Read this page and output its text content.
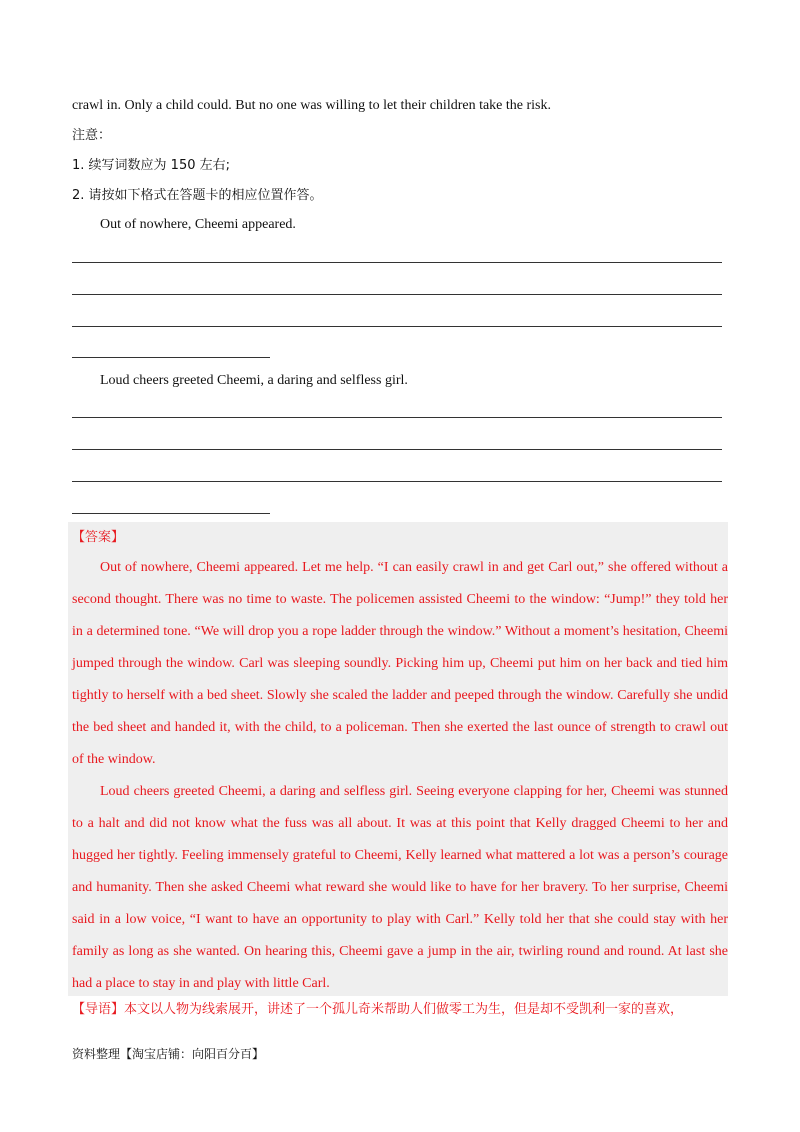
crawl in. Only a child could. But no one was willing to let their children take the risk.
注意：
1. 续写词数应为 150 左右;
2. 请按如下格式在答题卡的相应位置作答。
Out of nowhere, Cheemi appeared.
Loud cheers greeted Cheemi, a daring and selfless girl.
【答案】

Out of nowhere, Cheemi appeared. Let me help. “I can easily crawl in and get Carl out,” she offered without a second thought. There was no time to waste. The policemen assisted Cheemi to the window: “Jump!” they told her in a determined tone. “We will drop you a rope ladder through the window.” Without a moment’s hesitation, Cheemi jumped through the window. Carl was sleeping soundly. Picking him up, Cheemi put him on her back and tied him tightly to herself with a bed sheet. Slowly she scaled the ladder and peeped through the window. Carefully she undid the bed sheet and handed it, with the child, to a policeman. Then she exerted the last ounce of strength to crawl out of the window.

Loud cheers greeted Cheemi, a daring and selfless girl. Seeing everyone clapping for her, Cheemi was stunned to a halt and did not know what the fuss was all about. It was at this point that Kelly dragged Cheemi to her and hugged her tightly. Feeling immensely grateful to Cheemi, Kelly learned what mattered a lot was a person’s courage and humanity. Then she asked Cheemi what reward she would like to have for her bravery. To her surprise, Cheemi said in a low voice, “I want to have an opportunity to play with Carl.” Kelly told her that she could stay with her family as long as she wanted. On hearing this, Cheemi gave a jump in the air, twirling round and round. At last she had a place to stay in and play with little Carl.

【导语】本文以人物为线索展开，讲述了一个孤儿奇米帮助人们做零工为生，但是却不受凯利一家的喜欢，
资料整理【淘宝店铺：向阳百分百】
